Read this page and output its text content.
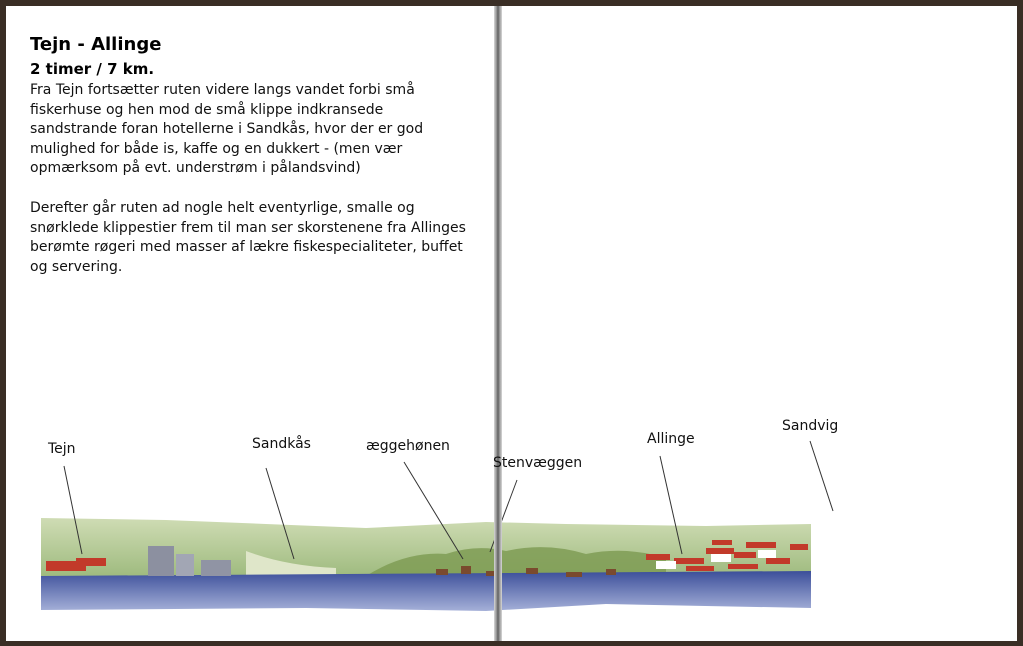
Tejn - Allinge
2 timer / 7 km.

Fra Tejn fortsætter ruten videre langs vandet forbi små fiskerhuse og hen mod de små klippe indkransede sandstrande foran hotellerne i Sandkås, hvor der er god mulighed for både is, kaffe og en dukkert - (men vær opmærksom på evt. understrøm i pålandsvind)

Derefter går ruten ad nogle helt eventyrlige, smalle og snørklede klippestier frem til man ser skorstenene fra Allinges berømte røgeri med masser af lækre fiskespecialiteter, buffet og servering.

Tejn	Sandkås	æggehønen
Stenvæggen
Allinge
Sandvig
